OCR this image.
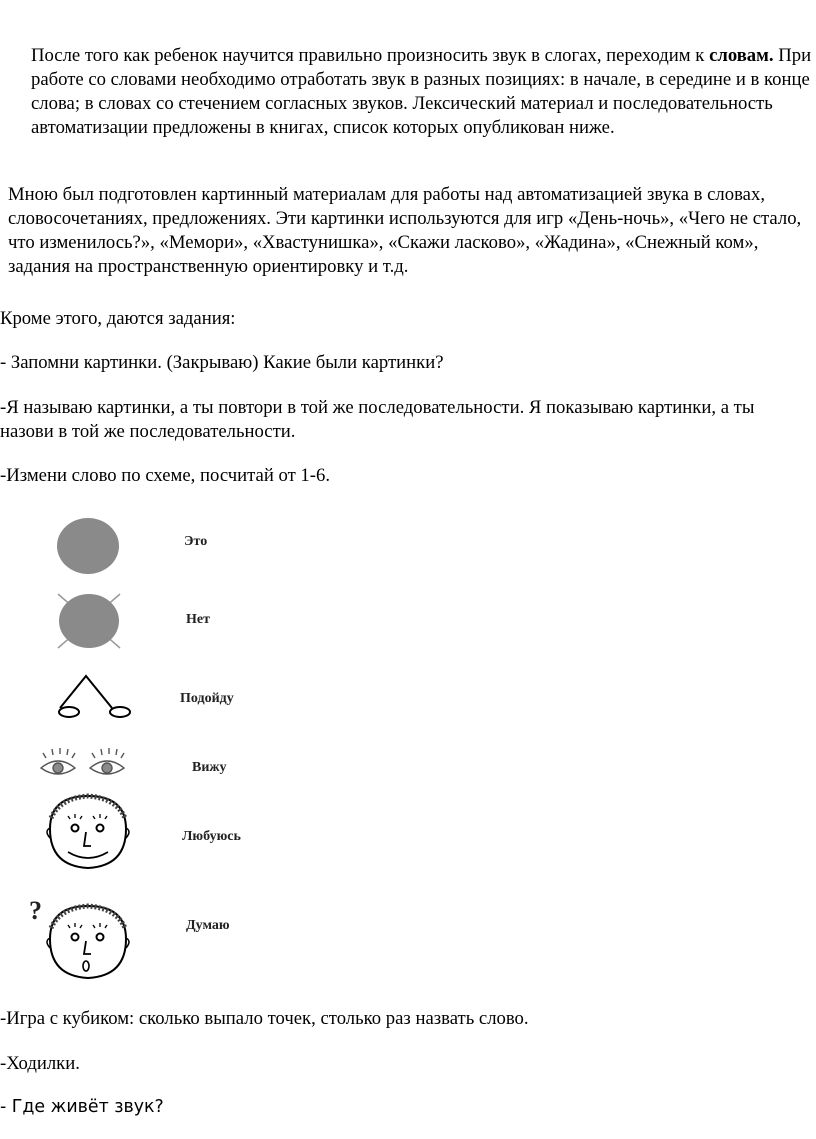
После того как ребенок научится правильно произносить звук в слогах, переходим к словам. При работе со словами необходимо отработать звук в разных позициях: в начале, в середине и в конце слова; в словах со стечением согласных звуков. Лексический материал и последовательность автоматизации предложены в книгах, список которых опубликован ниже.

Мною был подготовлен картинный материалам для работы над автоматизацией звука в словах, словосочетаниях, предложениях. Эти картинки используются для игр «День-ночь», «Чего не стало, что изменилось?», «Мемори», «Хвастунишка», «Скажи ласково», «Жадина», «Снежный ком», задания на пространственную ориентировку и т.д.

Кроме этого, даются задания:

- Запомни картинки. (Закрываю) Какие были картинки?

-Я называю картинки, а ты повтори в той же последовательности. Я показываю картинки, а ты назови в той же последовательности.

-Измени слово по схеме, посчитай от 1-6.

?
Это
Нет
Подойду
Вижу
Любуюсь
Думаю

-Игра с кубиком: сколько выпало точек, столько раз назвать слово.

-Ходилки.

- Где живёт звук?
